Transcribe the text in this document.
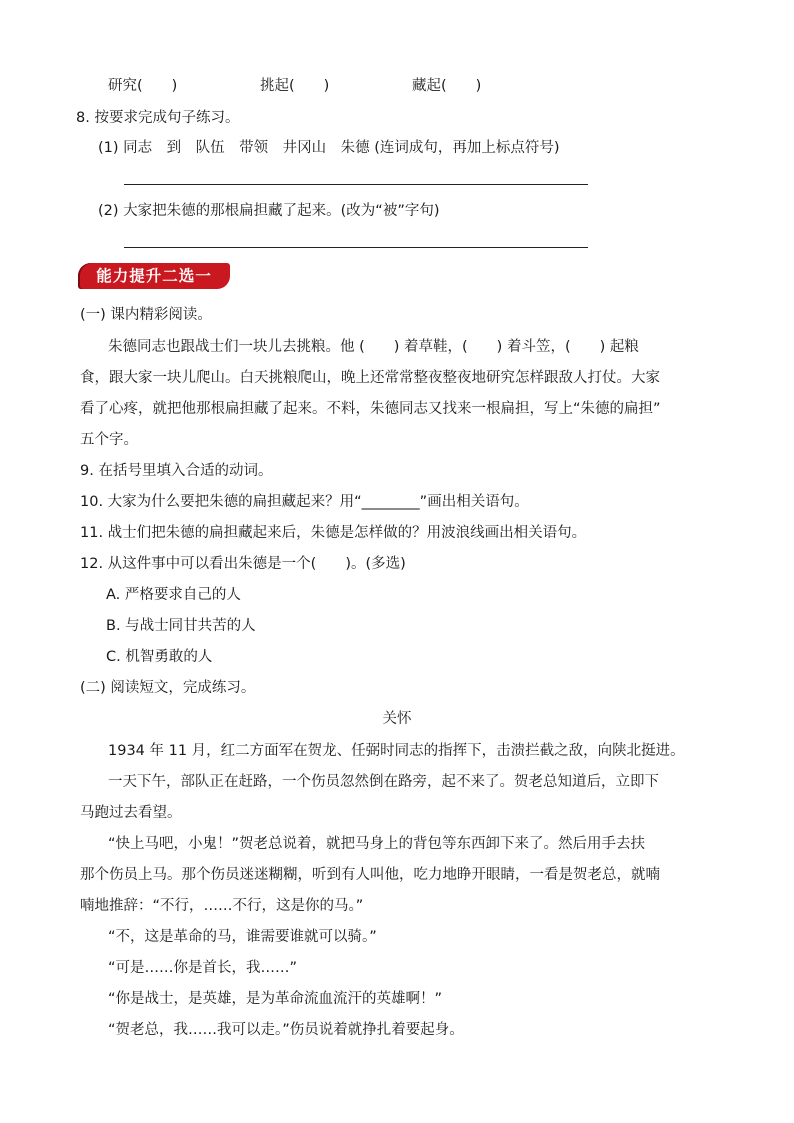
研究(　　)	挑起(　　)	藏起(　　)
8. 按要求完成句子练习。
(1) 同志　到　队伍　带领　井冈山　朱德 (连词成句，再加上标点符号)
(2) 大家把朱德的那根扁担藏了起来。(改为“被”字句)
能力提升二选一
(一) 课内精彩阅读。
朱德同志也跟战士们一块儿去挑粮。他 (　　) 着草鞋，(　　) 着斗笠，(　　) 起粮
食，跟大家一块儿爬山。白天挑粮爬山，晚上还常常整夜整夜地研究怎样跟敌人打仗。大家
看了心疼，就把他那根扁担藏了起来。不料，朱德同志又找来一根扁担，写上“朱德的扁担”
五个字。
9. 在括号里填入合适的动词。
10. 大家为什么要把朱德的扁担藏起来？用“________”画出相关语句。
11. 战士们把朱德的扁担藏起来后，朱德是怎样做的？用波浪线画出相关语句。
12. 从这件事中可以看出朱德是一个(　　)。(多选)
A. 严格要求自己的人
B. 与战士同甘共苦的人
C. 机智勇敢的人
(二) 阅读短文，完成练习。
关怀
1934 年 11 月，红二方面军在贺龙、任弼时同志的指挥下，击溃拦截之敌，向陕北挺进。
一天下午，部队正在赶路，一个伤员忽然倒在路旁，起不来了。贺老总知道后，立即下
马跑过去看望。
“快上马吧，小鬼！”贺老总说着，就把马身上的背包等东西卸下来了。然后用手去扶
那个伤员上马。那个伤员迷迷糊糊，听到有人叫他，吃力地睁开眼睛，一看是贺老总，就喃
喃地推辞：“不行，……不行，这是你的马。”
“不，这是革命的马，谁需要谁就可以骑。”
“可是……你是首长，我……”
“你是战士，是英雄，是为革命流血流汗的英雄啊！”
“贺老总，我……我可以走。”伤员说着就挣扎着要起身。
